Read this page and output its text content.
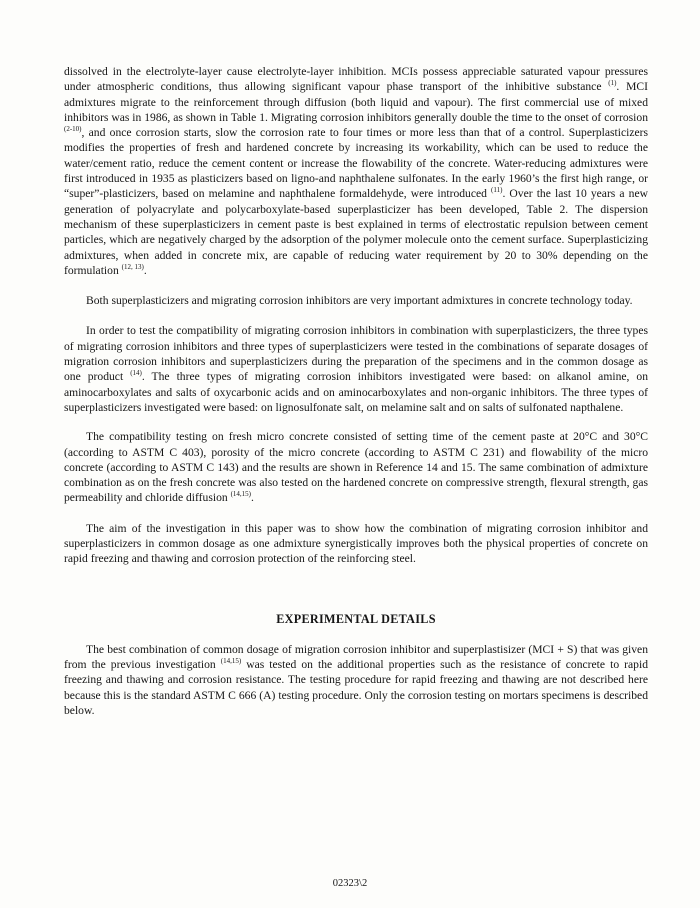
dissolved in the electrolyte-layer cause electrolyte-layer inhibition. MCIs possess appreciable saturated vapour pressures under atmospheric conditions, thus allowing significant vapour phase transport of the inhibitive substance $^{(1)}$. MCI admixtures migrate to the reinforcement through diffusion (both liquid and vapour). The first commercial use of mixed inhibitors was in 1986, as shown in Table 1. Migrating corrosion inhibitors generally double the time to the onset of corrosion $^{(2-10)}$, and once corrosion starts, slow the corrosion rate to four times or more less than that of a control. Superplasticizers modifies the properties of fresh and hardened concrete by increasing its workability, which can be used to reduce the water/cement ratio, reduce the cement content or increase the flowability of the concrete. Water-reducing admixtures were first introduced in 1935 as plasticizers based on ligno-and naphthalene sulfonates. In the early 1960’s the first high range, or “super”-plasticizers, based on melamine and naphthalene formaldehyde, were introduced $^{(11)}$. Over the last 10 years a new generation of polyacrylate and polycarboxylate-based superplasticizer has been developed, Table 2. The dispersion mechanism of these superplasticizers in cement paste is best explained in terms of electrostatic repulsion between cement particles, which are negatively charged by the adsorption of the polymer molecule onto the cement surface. Superplasticizing admixtures, when added in concrete mix, are capable of reducing water requirement by 20 to 30% depending on the formulation $^{(12, 13)}$.

Both superplasticizers and migrating corrosion inhibitors are very important admixtures in concrete technology today.

In order to test the compatibility of migrating corrosion inhibitors in combination with superplasticizers, the three types of migrating corrosion inhibitors and three types of superplasticizers were tested in the combinations of separate dosages of migration corrosion inhibitors and superplasticizers during the preparation of the specimens and in the common dosage as one product $^{(14)}$. The three types of migrating corrosion inhibitors investigated were based: on alkanol amine, on aminocarboxylates and salts of oxycarbonic acids and on aminocarboxylates and non-organic inhibitors. The three types of superplasticizers investigated were based: on lignosulfonate salt, on melamine salt and on salts of sulfonated napthalene.

The compatibility testing on fresh micro concrete consisted of setting time of the cement paste at 20°C and 30°C (according to ASTM C 403), porosity of the micro concrete (according to ASTM C 231) and flowability of the micro concrete (according to ASTM C 143) and the results are shown in Reference 14 and 15. The same combination of admixture combination as on the fresh concrete was also tested on the hardened concrete on compressive strength, flexural strength, gas permeability and chloride diffusion $^{(14,15)}$.

The aim of the investigation in this paper was to show how the combination of migrating corrosion inhibitor and superplasticizers in common dosage as one admixture synergistically improves both the physical properties of concrete on rapid freezing and thawing and corrosion protection of the reinforcing steel.

EXPERIMENTAL DETAILS

The best combination of common dosage of migration corrosion inhibitor and superplastisizer (MCI + S) that was given from the previous investigation $^{(14,15)}$ was tested on the additional properties such as the resistance of concrete to rapid freezing and thawing and corrosion resistance. The testing procedure for rapid freezing and thawing are not described here because this is the standard ASTM C 666 (A) testing procedure. Only the corrosion testing on mortars specimens is described below.

02323\2
